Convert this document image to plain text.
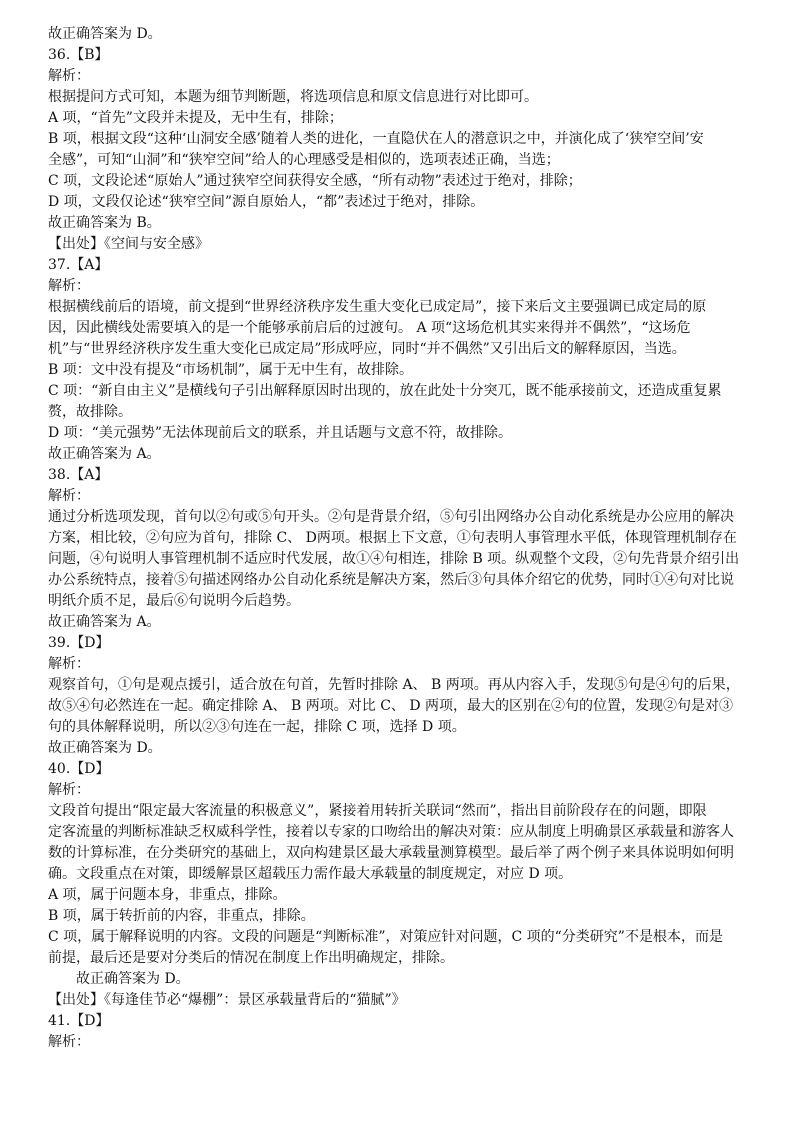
故正确答案为 D。
36.【B】
解析：
根据提问方式可知，本题为细节判断题，将选项信息和原文信息进行对比即可。
A 项，“首先”文段并未提及，无中生有，排除；
B 项，根据文段“这种‘山洞安全感’随着人类的进化，一直隐伏在人的潜意识之中，并演化成了‘狭窄空间’安
全感”，可知“山洞”和“狭窄空间”给人的心理感受是相似的，选项表述正确，当选；
C 项，文段论述“原始人”通过狭窄空间获得安全感，“所有动物”表述过于绝对，排除；
D 项，文段仅论述“狭窄空间”源自原始人，“都”表述过于绝对，排除。
故正确答案为 B。
【出处】《空间与安全感》
37.【A】
解析：
根据横线前后的语境，前文提到“世界经济秩序发生重大变化已成定局”，接下来后文主要强调已成定局的原
因，因此横线处需要填入的是一个能够承前启后的过渡句。 A 项“这场危机其实来得并不偶然”，“这场危
机”与“世界经济秩序发生重大变化已成定局”形成呼应，同时“并不偶然”又引出后文的解释原因，当选。
B 项：文中没有提及“市场机制”，属于无中生有，故排除。
C 项：“新自由主义”是横线句子引出解释原因时出现的，放在此处十分突兀，既不能承接前文，还造成重复累
赘，故排除。
D 项：“美元强势”无法体现前后文的联系，并且话题与文意不符，故排除。
故正确答案为 A。
38.【A】
解析：
通过分析选项发现，首句以②句或⑤句开头。②句是背景介绍，⑤句引出网络办公自动化系统是办公应用的解决
方案，相比较，②句应为首句，排除 C、 D两项。根据上下文意，①句表明人事管理水平低，体现管理机制存在
问题，④句说明人事管理机制不适应时代发展，故①④句相连，排除 B 项。纵观整个文段，②句先背景介绍引出
办公系统特点，接着⑤句描述网络办公自动化系统是解决方案，然后③句具体介绍它的优势，同时①④句对比说
明纸介质不足，最后⑥句说明今后趋势。
故正确答案为 A。
39.【D】
解析：
观察首句，①句是观点援引，适合放在句首，先暂时排除 A、 B 两项。再从内容入手，发现⑤句是④句的后果，
故⑤④句必然连在一起。确定排除 A、 B 两项。对比 C、 D 两项，最大的区别在②句的位置，发现②句是对③
句的具体解释说明，所以②③句连在一起，排除 C 项，选择 D 项。
故正确答案为 D。
40.【D】
解析：
文段首句提出“限定最大客流量的积极意义”，紧接着用转折关联词“然而”，指出目前阶段存在的问题，即限
定客流量的判断标准缺乏权威科学性，接着以专家的口吻给出的解决对策：应从制度上明确景区承载量和游客人
数的计算标准，在分类研究的基础上，双向构建景区最大承载量测算模型。最后举了两个例子来具体说明如何明
确。文段重点在对策，即缓解景区超载压力需作最大承载量的制度规定，对应 D 项。
A 项，属于问题本身，非重点，排除。
B 项，属于转折前的内容，非重点，排除。
C 项，属于解释说明的内容。文段的问题是“判断标准”，对策应针对问题，C 项的“分类研究”不是根本，而是
前提，最后还是要对分类后的情况在制度上作出明确规定，排除。
故正确答案为 D。
【出处】《每逢佳节必“爆棚”：景区承载量背后的“猫腻”》
41.【D】
解析：
